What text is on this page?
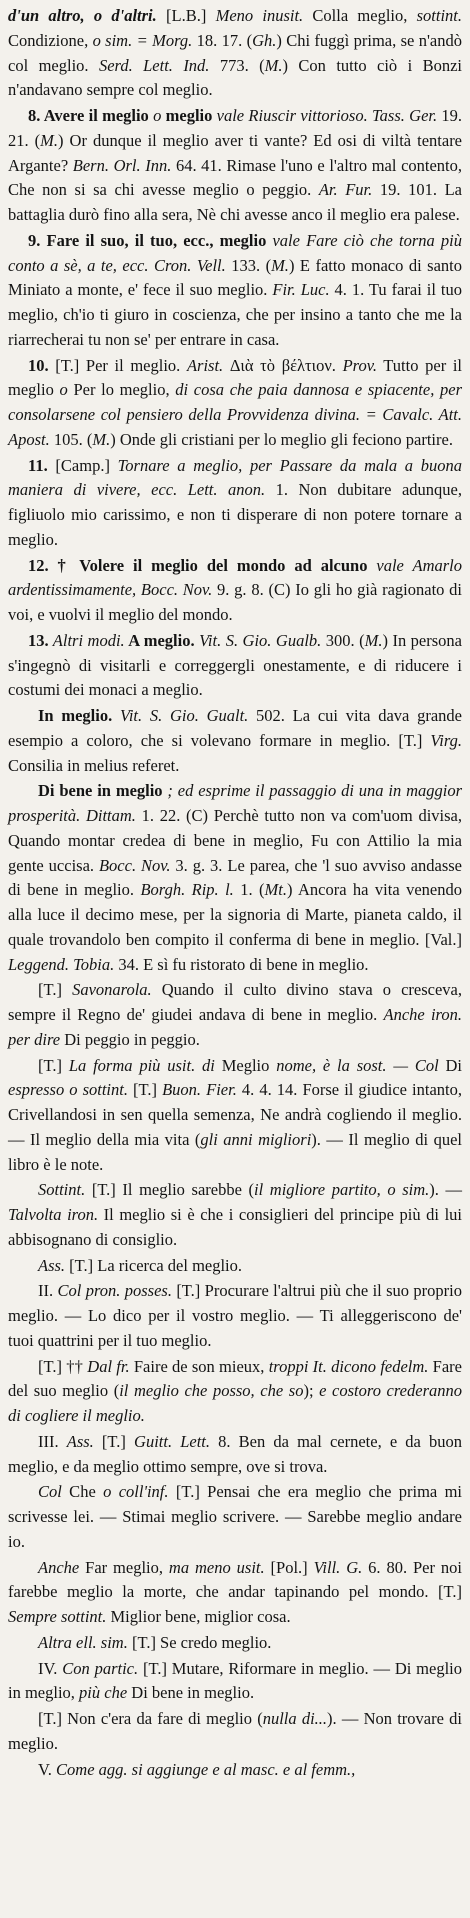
d'un altro, o d'altri. [L.B.] Meno inusit. Colla meglio, sottint. Condizione, o sim. = Morg. 18. 17. (Gh.) Chi fuggì prima, se n'andò col meglio. Serd. Lett. Ind. 773. (M.) Con tutto ciò i Bonzi n'andavano sempre col meglio.

8. Avere il meglio o meglio vale Riuscir vittorioso. Tass. Ger. 19. 21. (M.) Or dunque il meglio aver ti vante? Ed osi di viltà tentare Argante? Bern. Orl. Inn. 64. 41. Rimase l'uno e l'altro mal contento, Che non si sa chi avesse meglio o peggio. Ar. Fur. 19. 101. La battaglia durò fino alla sera, Nè chi avesse anco il meglio era palese.

9. Fare il suo, il tuo, ecc., meglio vale Fare ciò che torna più conto a sè, a te, ecc. Cron. Vell. 133. (M.) E fatto monaco di santo Miniato a monte, e' fece il suo meglio. Fir. Luc. 4. 1. Tu farai il tuo meglio, ch'io ti giuro in coscienza, che per insino a tanto che me la riarrecherai tu non se' per entrare in casa.

10. [T.] Per il meglio. Arist. Διὰ τὸ βέλτιον. Prov. Tutto per il meglio o Per lo meglio, di cosa che paia dannosa e spiacente, per consolarsene col pensiero della Provvidenza divina. = Cavalc. Att. Apost. 105. (M.) Onde gli cristiani per lo meglio gli feciono partire.

11. [Camp.] Tornare a meglio, per Passare da mala a buona maniera di vivere, ecc. Lett. anon. 1. Non dubitare adunque, figliuolo mio carissimo, e non ti disperare di non potere tornare a meglio.

12. † Volere il meglio del mondo ad alcuno vale Amarlo ardentissimamente, Bocc. Nov. 9. g. 8. (C) Io gli ho già ragionato di voi, e vuolvi il meglio del mondo.

13. Altri modi. A meglio. Vit. S. Gio. Gualb. 300. (M.) In persona s'ingegnò di visitarli e correggergli onestamente, e di riducere i costumi dei monaci a meglio.

In meglio. Vit. S. Gio. Gualt. 502. La cui vita dava grande esempio a coloro, che si volevano formare in meglio. [T.] Virg. Consilia in melius referet.

Di bene in meglio ; ed esprime il passaggio di una in maggior prosperità. Dittam. 1. 22. (C) Perchè tutto non va com'uom divisa, Quando montar credea di bene in meglio, Fu con Attilio la mia gente uccisa. Bocc. Nov. 3. g. 3. Le parea, che 'l suo avviso andasse di bene in meglio. Borgh. Rip. l. 1. (Mt.) Ancora ha vita venendo alla luce il decimo mese, per la signoria di Marte, pianeta caldo, il quale trovandolo ben compito il conferma di bene in meglio. [Val.] Leggend. Tobia. 34. E sì fu ristorato di bene in meglio.

[T.] Savonarola. Quando il culto divino stava o cresceva, sempre il Regno de' giudei andava di bene in meglio. Anche iron. per dire Di peggio in peggio.

[T.] La forma più usit. di Meglio nome, è la sost. — Col Di espresso o sottint. [T.] Buon. Fier. 4. 4. 14. Forse il giudice intanto, Crivellandosi in sen quella semenza, Ne andrà cogliendo il meglio. — Il meglio della mia vita (gli anni migliori). — Il meglio di quel libro è le note.

Sottint. [T.] Il meglio sarebbe (il migliore partito, o sim.). — Talvolta iron. Il meglio si è che i consiglieri del principe più di lui abbisognano di consiglio.

Ass. [T.] La ricerca del meglio.

II. Col pron. posses. [T.] Procurare l'altrui più che il suo proprio meglio. — Lo dico per il vostro meglio. — Ti alleggeriscono de' tuoi quattrini per il tuo meglio.

[T.] †† Dal fr. Faire de son mieux, troppi It. dicono fedelm. Fare del suo meglio (il meglio che posso, che so); e costoro crederanno di cogliere il meglio.

III. Ass. [T.] Guitt. Lett. 8. Ben da mal cernete, e da buon meglio, e da meglio ottimo sempre, ove si trova.

Col Che o coll'inf. [T.] Pensai che era meglio che prima mi scrivesse lei. — Stimai meglio scrivere. — Sarebbe meglio andare io.

Anche Far meglio, ma meno usit. [Pol.] Vill. G. 6. 80. Per noi farebbe meglio la morte, che andar tapinando pel mondo. [T.] Sempre sottint. Miglior bene, miglior cosa.

Altra ell. sim. [T.] Se credo meglio.

IV. Con partic. [T.] Mutare, Riformare in meglio. — Di meglio in meglio, più che Di bene in meglio.

[T.] Non c'era da fare di meglio (nulla di...). — Non trovare di meglio.

V. Come agg. si aggiunge e al masc. e al femm.,
